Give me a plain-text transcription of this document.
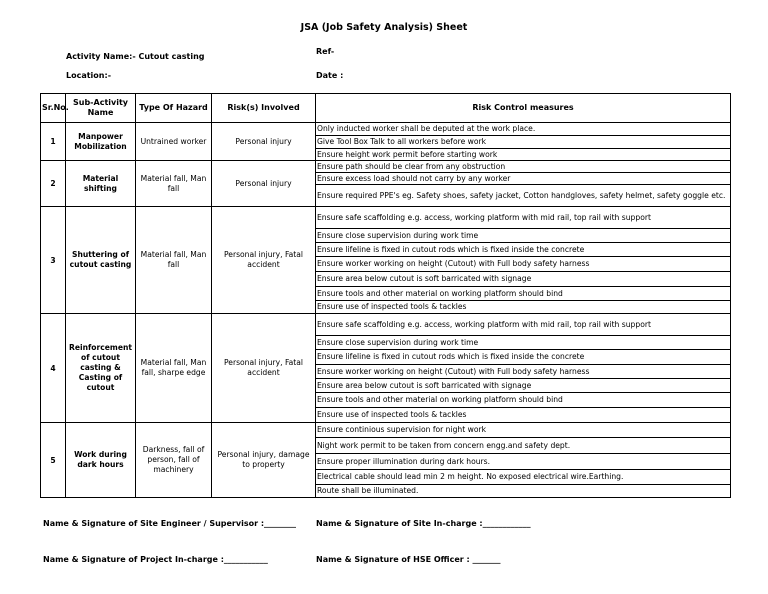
JSA (Job Safety Analysis) Sheet
Activity Name:- Cutout casting
Location:-
Ref-
Date :
Sr.No.	Sub-Activity Name	Type Of Hazard	Risk(s) Involved	Risk Control measures
1	Manpower Mobilization	Untrained worker	Personal injury	Only inducted worker shall be deputed at the work place.
				Give Tool Box Talk to all workers before work
				Ensure height work permit before starting work
2	Material shifting	Material fall, Man fall	Personal injury	Ensure path should be clear from any obstruction
				Ensure excess load should not carry by any worker
				Ensure required PPE's eg. Safety shoes, safety jacket, Cotton handgloves, safety helmet, safety goggle etc.
3	Shuttering of cutout casting	Material fall, Man fall	Personal injury, Fatal accident	Ensure safe scaffolding e.g. access, working platform with mid rail, top rail with support
				Ensure close supervision during work time
				Ensure lifeline is fixed in cutout rods which is fixed inside the concrete
				Ensure worker working on height (Cutout) with Full body safety harness
				Ensure area below cutout is soft barricated with signage
				Ensure tools and other material on working platform should bind
				Ensure use of inspected tools & tackles
4	Reinforcement of cutout casting & Casting of cutout	Material fall, Man fall, sharpe edge	Personal injury, Fatal accident	Ensure safe scaffolding e.g. access, working platform with mid rail, top rail with support
				Ensure close supervision during work time
				Ensure lifeline is fixed in cutout rods which is fixed inside the concrete
				Ensure worker working on height (Cutout) with Full body safety harness
				Ensure area below cutout is soft barricated with signage
				Ensure tools and other material on working platform should bind
				Ensure use of inspected tools & tackles
5	Work during dark hours	Darkness, fall of person, fall of machinery	Personal injury, damage to property	Ensure continious supervision for night work
				Night work permit to be taken from concern engg.and safety dept.
				Ensure proper illumination during dark hours.
				Electrical cable should lead min 2 m height. No exposed electrical wire.Earthing.
				Route shall be illuminated.
Name & Signature of Site Engineer / Supervisor :________ Name & Signature of Site In-charge :____________
Name & Signature of Project In-charge :___________	Name & Signature of HSE Officer : _______
